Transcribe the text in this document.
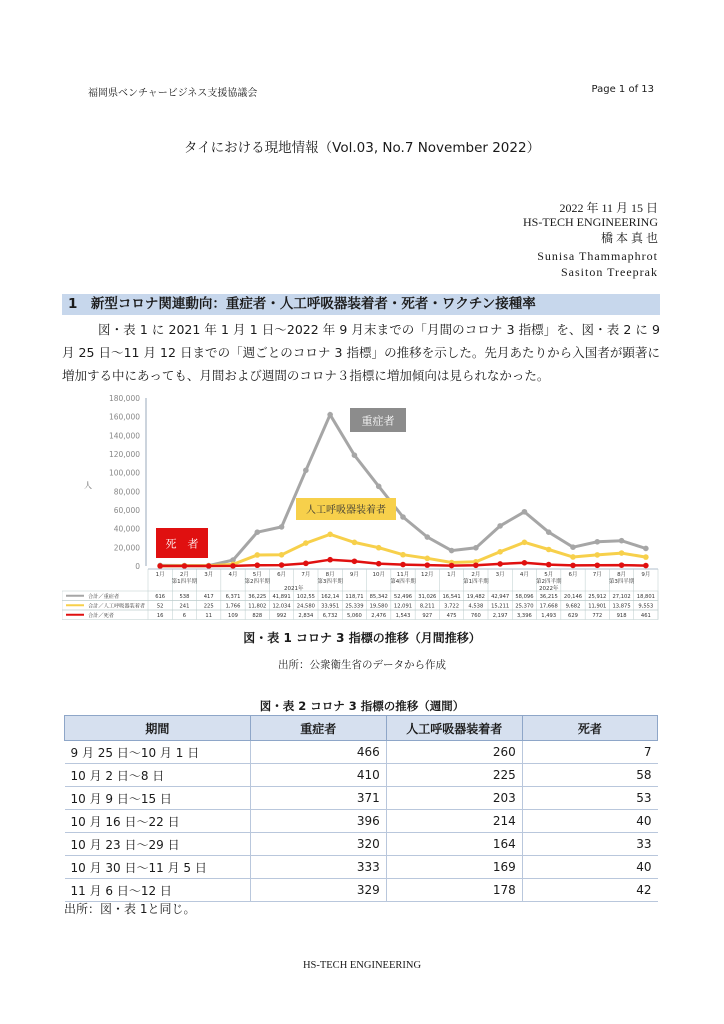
福岡県ベンチャービジネス支援協議会	Page 1 of 13
タイにおける現地情報（Vol.03, No.7 November 2022）
2022 年 11 月 15 日
HS-TECH ENGINEERING
橋 本 真 也
Sunisa Thammaphrot
Sasiton Treeprak
1　新型コロナ関連動向：重症者・人工呼吸器装着者・死者・ワクチン接種率
図・表 1 に 2021 年 1 月 1 日～2022 年 9 月末までの「月間のコロナ 3 指標」を、図・表 2 に 9 月 25 日～11 月 12 日までの「週ごとのコロナ 3 指標」の推移を示した。先月あたりから入国者が顕著に増加する中にあっても、月間および週間のコロナ３指標に増加傾向は見られなかった。
0
20,000
40,000
60,000
80,000
100,000
120,000
140,000
160,000
180,000
人
重症者
人工呼吸器装着者
死　者
1月	2月	3月	4月	5月	6月	7月	8月	9月 10月 11月 12月 1月	2月	3月	4月	5月	6月	7月	8月	9月
第1四半期	第2四半期	第3四半期	第4四半期	第1四半期	第2四半期	第3四半期
2021年	2022年
合計／重症者	616	538	417 6,371 36,225 41,891 102,55 162,14 118,71 85,342 52,496 31,026 16,541 19,482 42,947 58,096 36,215 20,146 25,912 27,102 18,801
合計／人工呼吸器装着者 52	241	225 1,766 11,802 12,034 24,580 33,951 25,339 19,580 12,091 8,211 3,722 4,538 15,211 25,370 17,668 9,682 11,901 13,875 9,553
合計／死者	16	6	11	109	828	992 2,834 6,732 5,060 2,476 1,543 927	475	760 2,197 3,396 1,493 629	772	918	461
図・表 1 コロナ 3 指標の推移（月間推移）
出所：公衆衛生省のデータから作成
図・表 2 コロナ 3 指標の推移（週間）
期間	重症者	人工呼吸器装着者	死者
9 月 25 日～10 月 1 日	466	260	7
10 月 2 日～8 日	410	225	58
10 月 9 日～15 日	371	203	53
10 月 16 日～22 日	396	214	40
10 月 23 日～29 日	320	164	33
10 月 30 日～11 月 5 日	333	169	40
11 月 6 日～12 日	329	178	42
出所：図・表 1と同じ。
HS-TECH ENGINEERING
